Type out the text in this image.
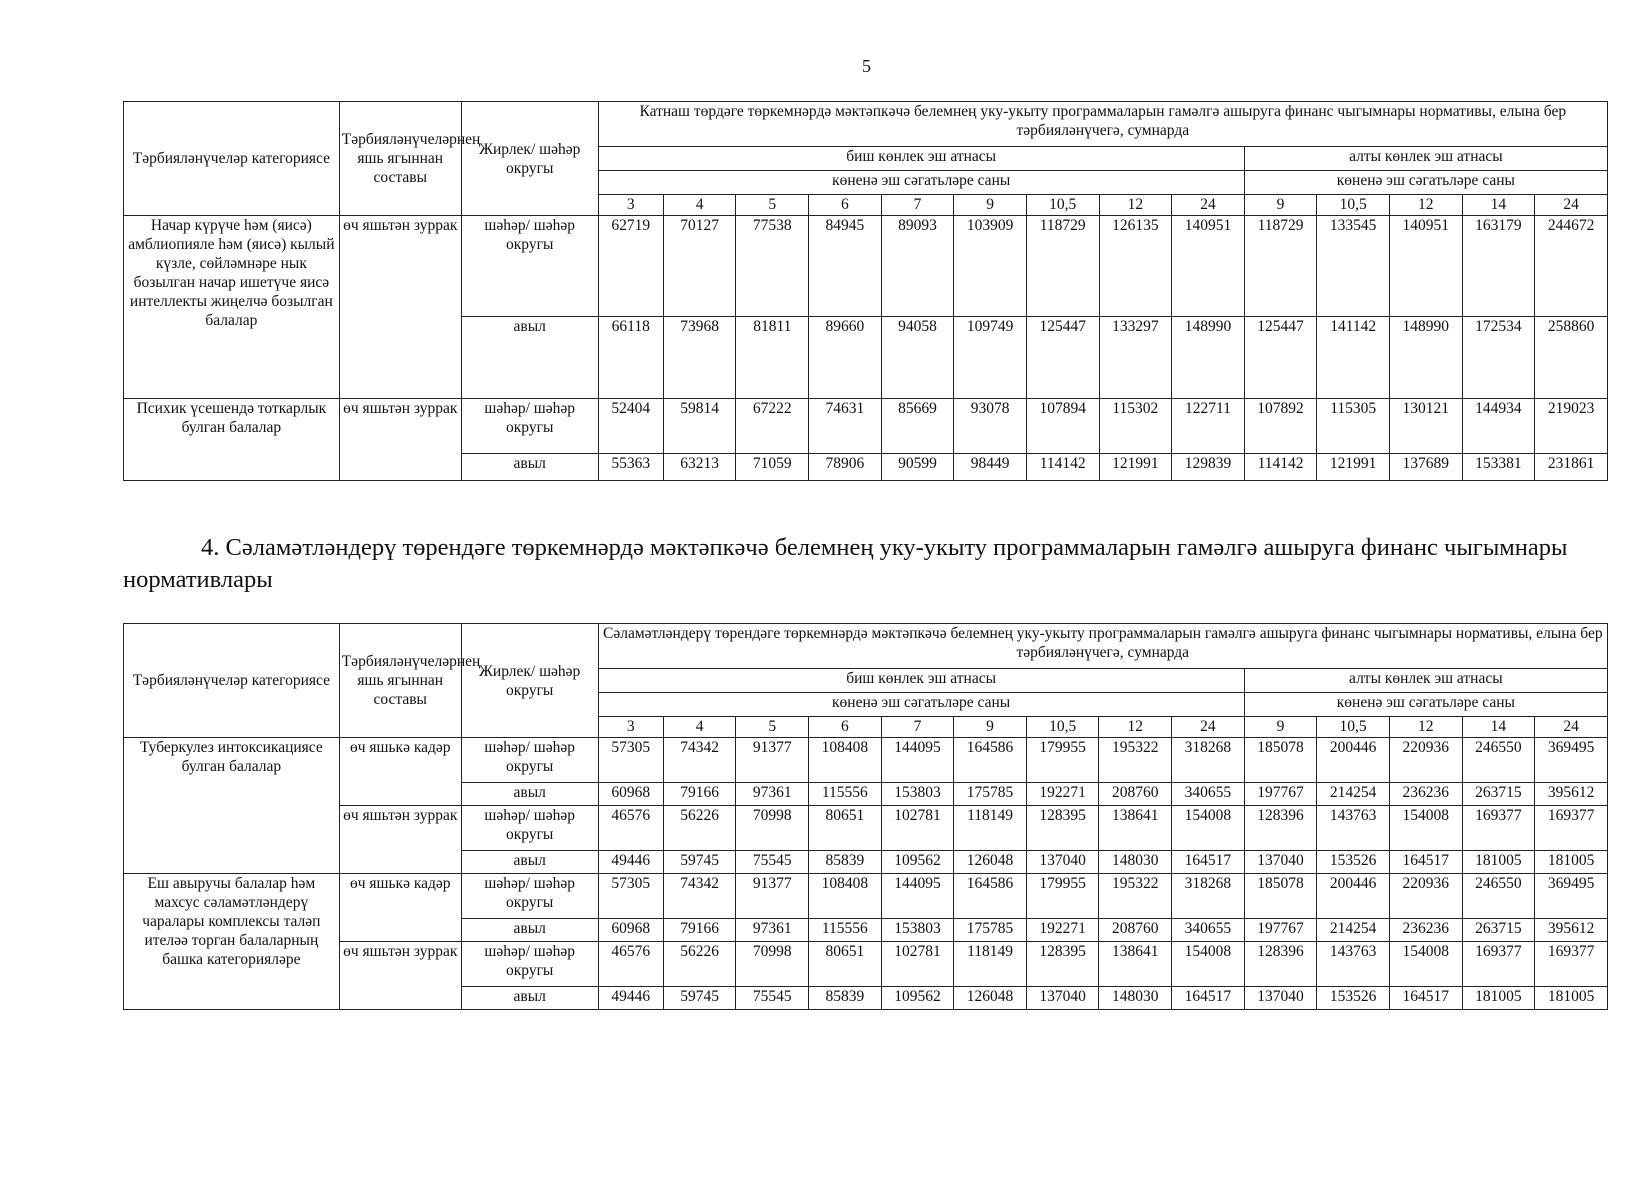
5
Тәрбияләнүчеләр категориясе	Тәрбияләнүчеләрнең яшь ягыннан составы	Жирлек/ шәһәр округы	Катнаш төрдәге төркемнәрдә мәктәпкәчә белемнең уку-укыту программаларын гамәлгә ашыруга финанс чыгымнары нормативы, елына бер тәрбияләнүчегә, сумнарда													
			биш көнлек эш атнасы									алты көнлек эш атнасы				
			көненә эш сәгатьләре саны									көненә эш сәгатьләре саны				
			3	4	5	6	7	9	10,5	12	24	9	10,5	12	14	24
Начар күрүче һәм (яисә) амблиопияле һәм (яисә) кылый күзле, сөйләмнәре нык бозылган начар ишетүче яисә интеллекты жиңелчә бозылган балалар	өч яшьтән зуррак	шәһәр/ шәһәр округы	62719	70127	77538	84945	89093	103909	118729	126135	140951	118729	133545	140951	163179	244672
		авыл	66118	73968	81811	89660	94058	109749	125447	133297	148990	125447	141142	148990	172534	258860
Психик үсешендә тоткарлык булган балалар	өч яшьтән зуррак	шәһәр/ шәһәр округы	52404	59814	67222	74631	85669	93078	107894	115302	122711	107892	115305	130121	144934	219023
		авыл	55363	63213	71059	78906	90599	98449	114142	121991	129839	114142	121991	137689	153381	231861
4. Сәламәтләндерү төрендәге төркемнәрдә мәктәпкәчә белемнең уку-укыту программаларын гамәлгә ашыруга финанс чыгымнары нормативлары
Тәрбияләнүчеләр категориясе	Тәрбияләнүчеләрнең яшь ягыннан составы	Жирлек/ шәһәр округы	Сәламәтләндерү төрендәге төркемнәрдә мәктәпкәчә белемнең уку-укыту программаларын гамәлгә ашыруга финанс чыгымнары нормативы, елына бер тәрбияләнүчегә, сумнарда													
			биш көнлек эш атнасы									алты көнлек эш атнасы				
			көненә эш сәгатьләре саны									көненә эш сәгатьләре саны				
			3	4	5	6	7	9	10,5	12	24	9	10,5	12	14	24
Туберкулез интоксикациясе булган балалар	өч яшькә кадәр	шәһәр/ шәһәр округы	57305	74342	91377	108408	144095	164586	179955	195322	318268	185078	200446	220936	246550	369495
		авыл	60968	79166	97361	115556	153803	175785	192271	208760	340655	197767	214254	236236	263715	395612
	өч яшьтән зуррак	шәһәр/ шәһәр округы	46576	56226	70998	80651	102781	118149	128395	138641	154008	128396	143763	154008	169377	169377
		авыл	49446	59745	75545	85839	109562	126048	137040	148030	164517	137040	153526	164517	181005	181005
Еш авыручы балалар һәм махсус сәламәтләндерү чаралары комплексы таләп ителәә торган балаларның башка категорияләре	өч яшькә кадәр	шәһәр/ шәһәр округы	57305	74342	91377	108408	144095	164586	179955	195322	318268	185078	200446	220936	246550	369495
		авыл	60968	79166	97361	115556	153803	175785	192271	208760	340655	197767	214254	236236	263715	395612
	өч яшьтән зуррак	шәһәр/ шәһәр округы	46576	56226	70998	80651	102781	118149	128395	138641	154008	128396	143763	154008	169377	169377
		авыл	49446	59745	75545	85839	109562	126048	137040	148030	164517	137040	153526	164517	181005	181005
